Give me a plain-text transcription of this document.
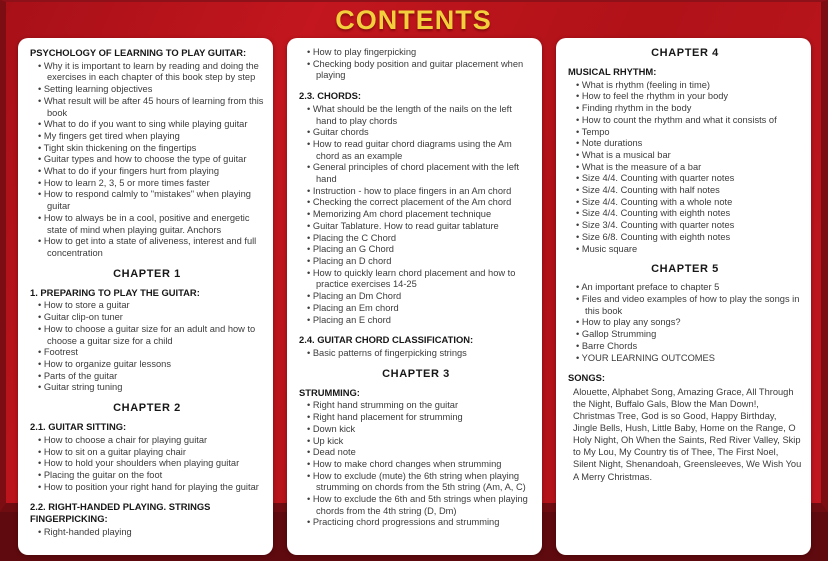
CONTENTS
PSYCHOLOGY OF LEARNING TO PLAY GUITAR:
• Why it is important to learn by reading and doing the exercises in each chapter of this book step by step
• Setting learning objectives
• What result will be after 45 hours of learning from this book
• What to do if you want to sing while playing guitar
• My fingers get tired when playing
• Tight skin thickening on the fingertips
• Guitar types and how to choose the type of guitar
• What to do if your fingers hurt from playing
• How to learn 2, 3, 5 or more times faster
• How to respond calmly to "mistakes" when playing guitar
• How to always be in a cool, positive and energetic state of mind when playing guitar. Anchors
• How to get into a state of aliveness, interest and full concentration
CHAPTER 1
1. PREPARING TO PLAY THE GUITAR:
• How to store a guitar
• Guitar clip-on tuner
• How to choose a guitar size for an adult and how to choose a guitar size for a child
• Footrest
• How to organize guitar lessons
• Parts of the guitar
• Guitar string tuning
CHAPTER 2
2.1. GUITAR SITTING:
• How to choose a chair for playing guitar
• How to sit on a guitar playing chair
• How to hold your shoulders when playing guitar
• Placing the guitar on the foot
• How to position your right hand for playing the guitar
2.2. RIGHT-HANDED PLAYING. STRINGS FINGERPICKING:
• Right-handed playing
• How to play fingerpicking
• Checking body position and guitar placement when playing
2.3. CHORDS:
• What should be the length of the nails on the left hand to play chords
• Guitar chords
• How to read guitar chord diagrams using the Am chord as an example
• General principles of chord placement with the left hand
• Instruction - how to place fingers in an Am chord
• Checking the correct placement of the Am chord
• Memorizing Am chord placement technique
• Guitar Tablature. How to read guitar tablature
• Placing the C Chord
• Placing an G Chord
• Placing an D chord
• How to quickly learn chord placement and how to practice exercises 14-25
• Placing an Dm Chord
• Placing an Em chord
• Placing an E chord
2.4. GUITAR CHORD CLASSIFICATION:
• Basic patterns of fingerpicking strings
CHAPTER 3
STRUMMING:
• Right hand strumming on the guitar
• Right hand placement for strumming
• Down kick
• Up kick
• Dead note
• How to make chord changes when strumming
• How to exclude (mute) the 6th string when playing strumming on chords from the 5th string (Am, A, C)
• How to exclude the 6th and 5th strings when playing chords from the 4th string (D, Dm)
• Practicing chord progressions and strumming
CHAPTER 4
MUSICAL RHYTHM:
• What is rhythm (feeling in time)
• How to feel the rhythm in your body
• Finding rhythm in the body
• How to count the rhythm and what it consists of
• Tempo
• Note durations
• What is a musical bar
• What is the measure of a bar
• Size 4/4. Counting with quarter notes
• Size 4/4. Counting with half notes
• Size 4/4. Counting with a whole note
• Size 4/4. Counting with eighth notes
• Size 3/4. Counting with quarter notes
• Size 6/8. Counting with eighth notes
• Music square
CHAPTER 5
• An important preface to chapter 5
• Files and video examples of how to play the songs in this book
• How to play any songs?
• Gallop Strumming
• Barre Chords
• YOUR LEARNING OUTCOMES
SONGS:

Alouette, Alphabet Song, Amazing Grace, All Through the Night, Buffalo Gals, Blow the Man Down!, Christmas Tree, God is so Good, Happy Birthday, Jingle Bells, Hush, Little Baby, Home on the Range, O Holy Night, Oh When the Saints, Red River Valley, Skip to My Lou, My Country tis of Thee, The First Noel, Silent Night, Shenandoah, Greensleeves, We Wish You A Merry Christmas.
